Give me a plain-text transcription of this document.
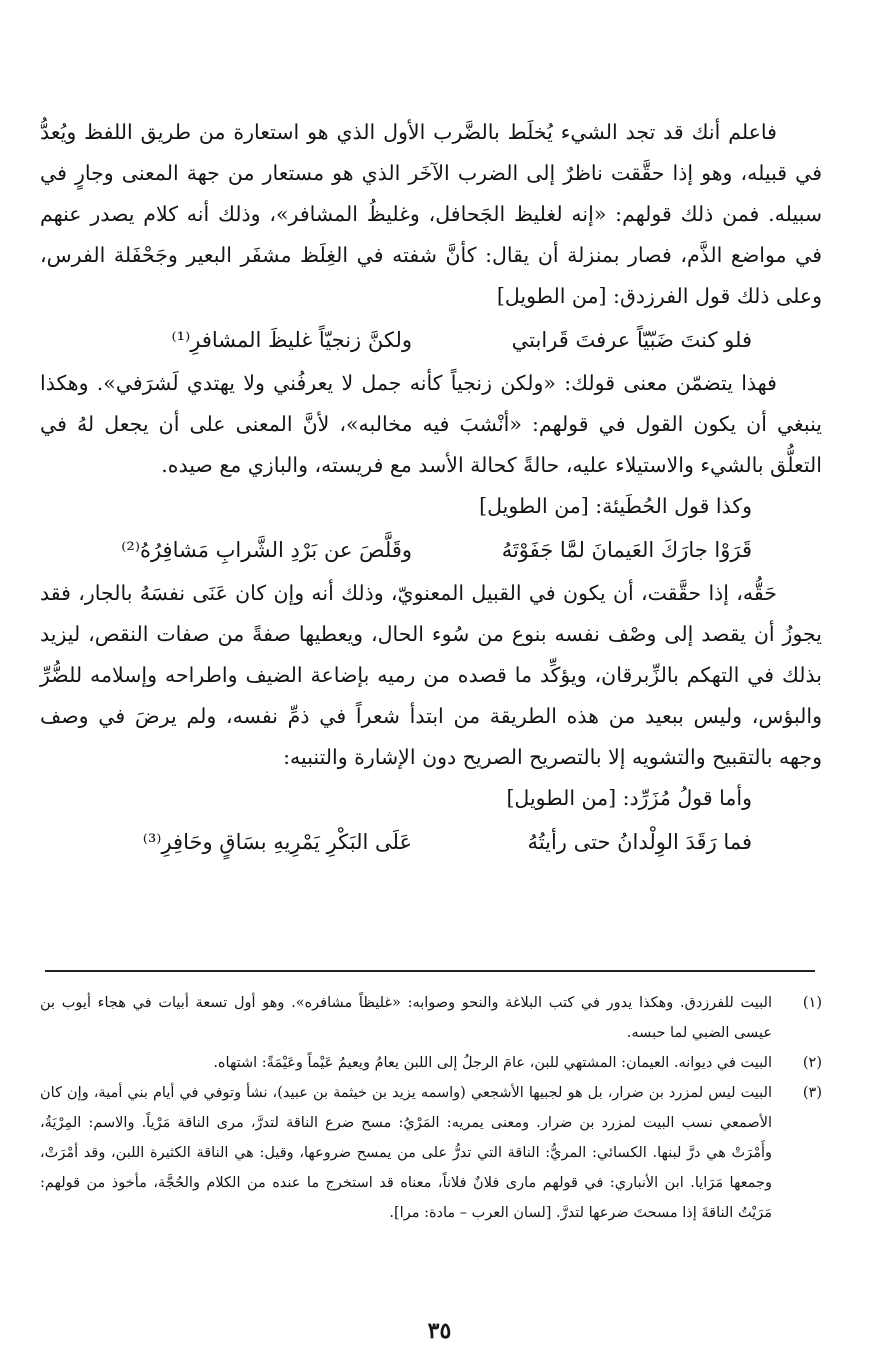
فاعلم أنك قد تجد الشيء يُخلَط بالضَّرب الأول الذي هو استعارة من طريق اللفظ ويُعدُّ في قبيله، وهو إذا حقَّقت ناظرٌ إلى الضرب الآخَر الذي هو مستعار من جهة المعنى وجارٍ في سبيله. فمن ذلك قولهم: «إنه لغليظ الجَحافل، وغليظُ المشافر»، وذلك أنه كلام يصدر عنهم في مواضع الذَّم، فصار بمنزلة أن يقال: كأنَّ شفته في الغِلَظ مشفَر البعير وجَحْفَلة الفرس، وعلى ذلك قول الفرزدق: [من الطويل]

فلو كنتَ ضَبّيّاً عرفتَ قَرابتي
ولكنَّ زنجيّاً غليظَ المشافرِ⁽¹⁾

فهذا يتضمّن معنى قولك: «ولكن زنجياً كأنه جمل لا يعرفُني ولا يهتدي لَشرَفي». وهكذا ينبغي أن يكون القول في قولهم: «أنْشبَ فيه مخالبه»، لأنَّ المعنى على أن يجعل لهُ في التعلُّق بالشيء والاستيلاء عليه، حالةً كحالة الأسد مع فريسته، والبازي مع صيده.

وكذا قول الحُطَيئة: [من الطويل]

قَرَوْا جارَكَ العَيمانَ لمَّا جَفَوْتَهُ
وقَلَّصَ عن بَرْدِ الشَّرابِ مَشافِرُهُ⁽²⁾

حَقُّه، إذا حقَّقت، أن يكون في القبيل المعنويّ، وذلك أنه وإن كان عَنَى نفسَهُ بالجار، فقد يجوزُ أن يقصد إلى وصْف نفسه بنوع من سُوء الحال، ويعطيها صفةً من صفات النقص، ليزيد بذلك في التهكم بالزِّبرقان، ويؤكِّد ما قصده من رميه بإضاعة الضيف واطراحه وإسلامه للضُّرِّ والبؤس، وليس ببعيد من هذه الطريقة من ابتدأ شعراً في ذمِّ نفسه، ولم يرضَ في وصف وجهه بالتقبيح والتشويه إلا بالتصريح الصريح دون الإشارة والتنبيه:

وأما قولُ مُزَرِّد: [من الطويل]

فما رَقَدَ الوِلْدانُ حتى رأيتُهُ
عَلَى البَكْرِ يَمْرِيهِ بسَاقٍ وحَافِرِ⁽³⁾
(١)
البيت للفرزدق. وهكذا يدور في كتب البلاغة والنحو وصوابه: «غليظاً مشافره». وهو أول تسعة أبيات في هجاء أيوب بن عيسى الضبي لما حبسه.
(٢)
البيت في ديوانه. العيمان: المشتهي للبن، عامَ الرجلُ إلى اللبن يعامُ ويعيمُ عَيْماً وعَيْمَةً: اشتهاه.
(٣)
البيت ليس لمزرد بن ضرار، بل هو لجبيها الأشجعي (واسمه يزيد بن خيثمة بن عبيد)، نشأ وتوفي في أيام بني أمية، وإن كان الأصمعي نسب البيت لمزرد بن ضرار. ومعنى يمريه: المَرْيُ: مسح ضرع الناقة لتدرَّ، مرى الناقة مَرْياً. والاسم: المِرْيَةُ، وأَمْرَتْ هي درَّ لبنها. الكسائي: المريُّ: الناقة التي تدرُّ على من يمسح ضروعها، وقيل: هي الناقة الكثيرة اللبن، وقد أمْرَتْ، وجمعها مَرَايا. ابن الأنباري: في قولهم مارى فلانٌ فلاناً، معناه قد استخرج ما عنده من الكلام والحُجَّة، مأخوذ من قولهم: مَرَيْتُ الناقةَ إذا مسحتَ ضرعها لتدرَّ. [لسان العرب – مادة: مرا].
٣٥
